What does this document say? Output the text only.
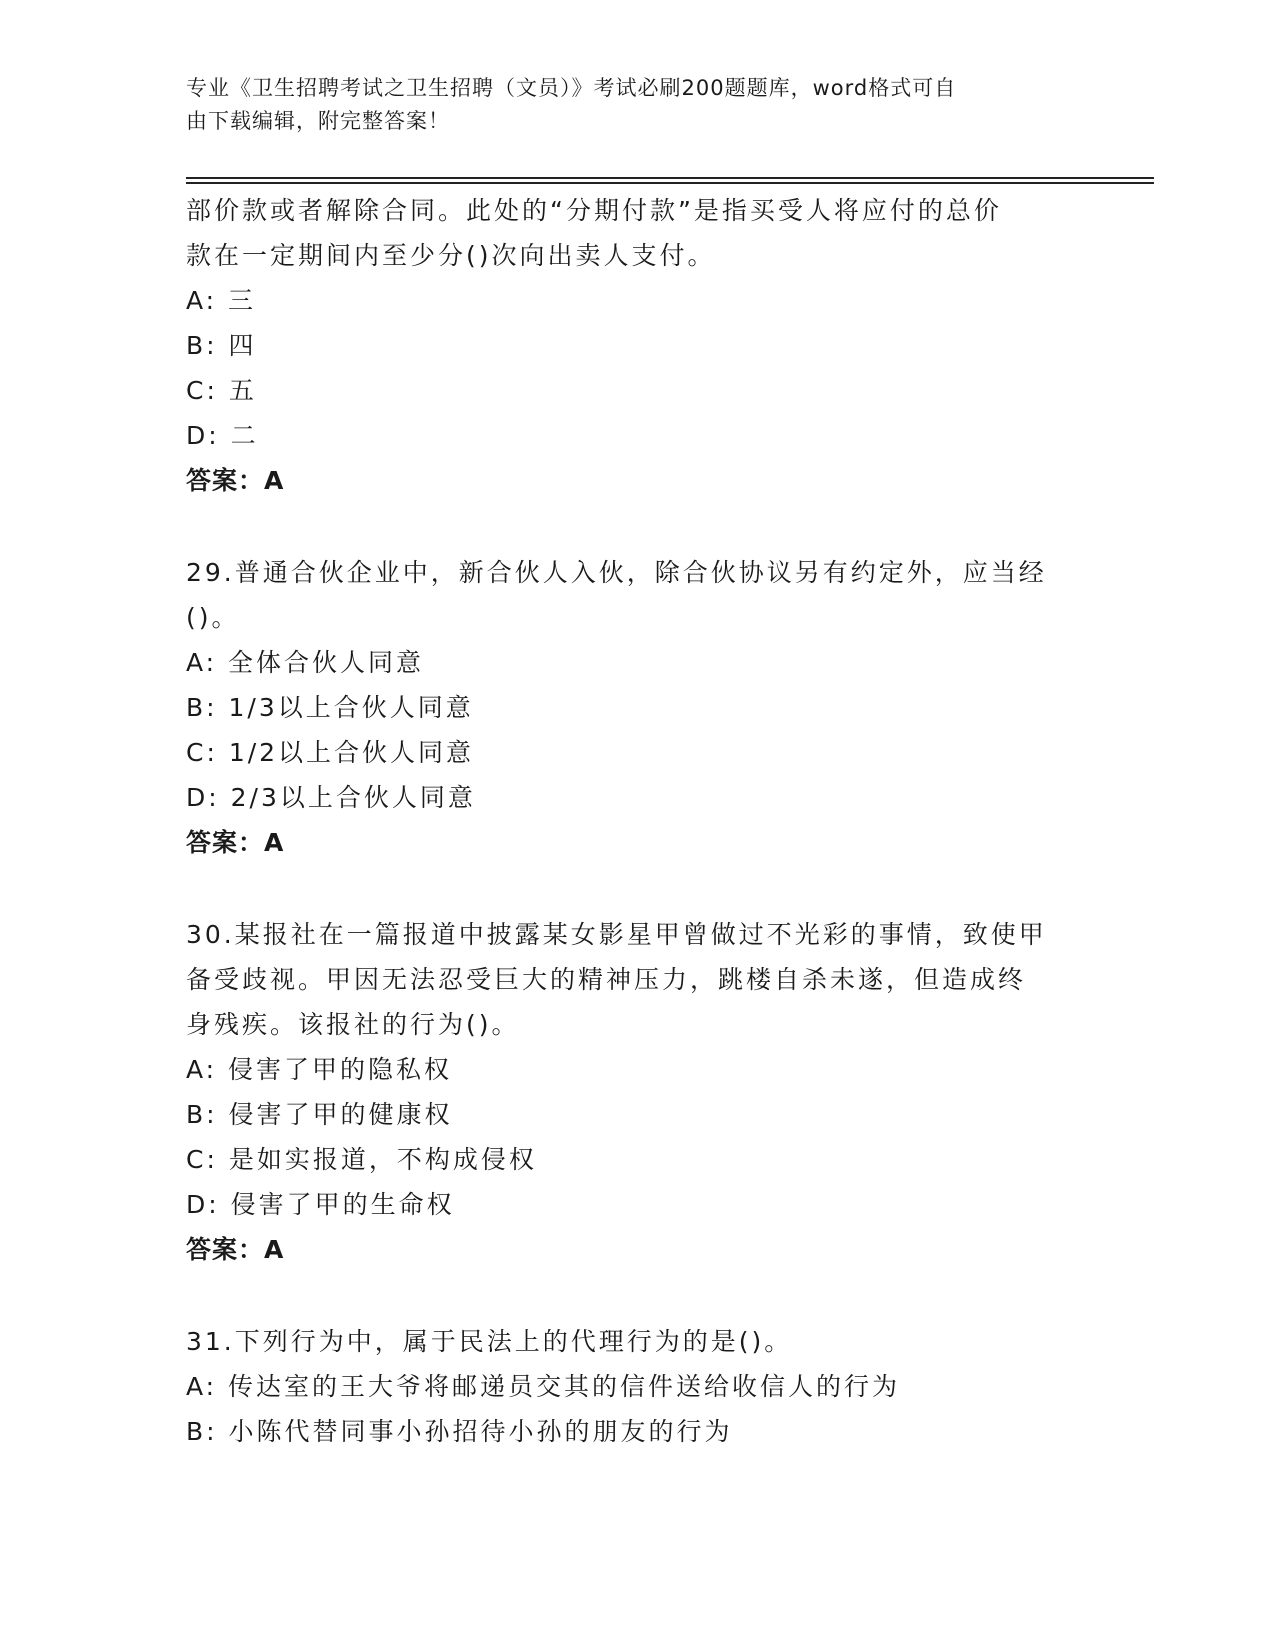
专业《卫生招聘考试之卫生招聘（文员）》考试必刷200题题库，word格式可自
由下载编辑，附完整答案！
部价款或者解除合同。此处的“分期付款”是指买受人将应付的总价
款在一定期间内至少分()次向出卖人支付。
A: 三
B: 四
C: 五
D: 二
答案：A
29.普通合伙企业中，新合伙人入伙，除合伙协议另有约定外，应当经
()。
A: 全体合伙人同意
B: 1/3以上合伙人同意
C: 1/2以上合伙人同意
D: 2/3以上合伙人同意
答案：A
30.某报社在一篇报道中披露某女影星甲曾做过不光彩的事情，致使甲
备受歧视。甲因无法忍受巨大的精神压力，跳楼自杀未遂，但造成终
身残疾。该报社的行为()。
A: 侵害了甲的隐私权
B: 侵害了甲的健康权
C: 是如实报道，不构成侵权
D: 侵害了甲的生命权
答案：A
31.下列行为中，属于民法上的代理行为的是()。
A: 传达室的王大爷将邮递员交其的信件送给收信人的行为
B: 小陈代替同事小孙招待小孙的朋友的行为
